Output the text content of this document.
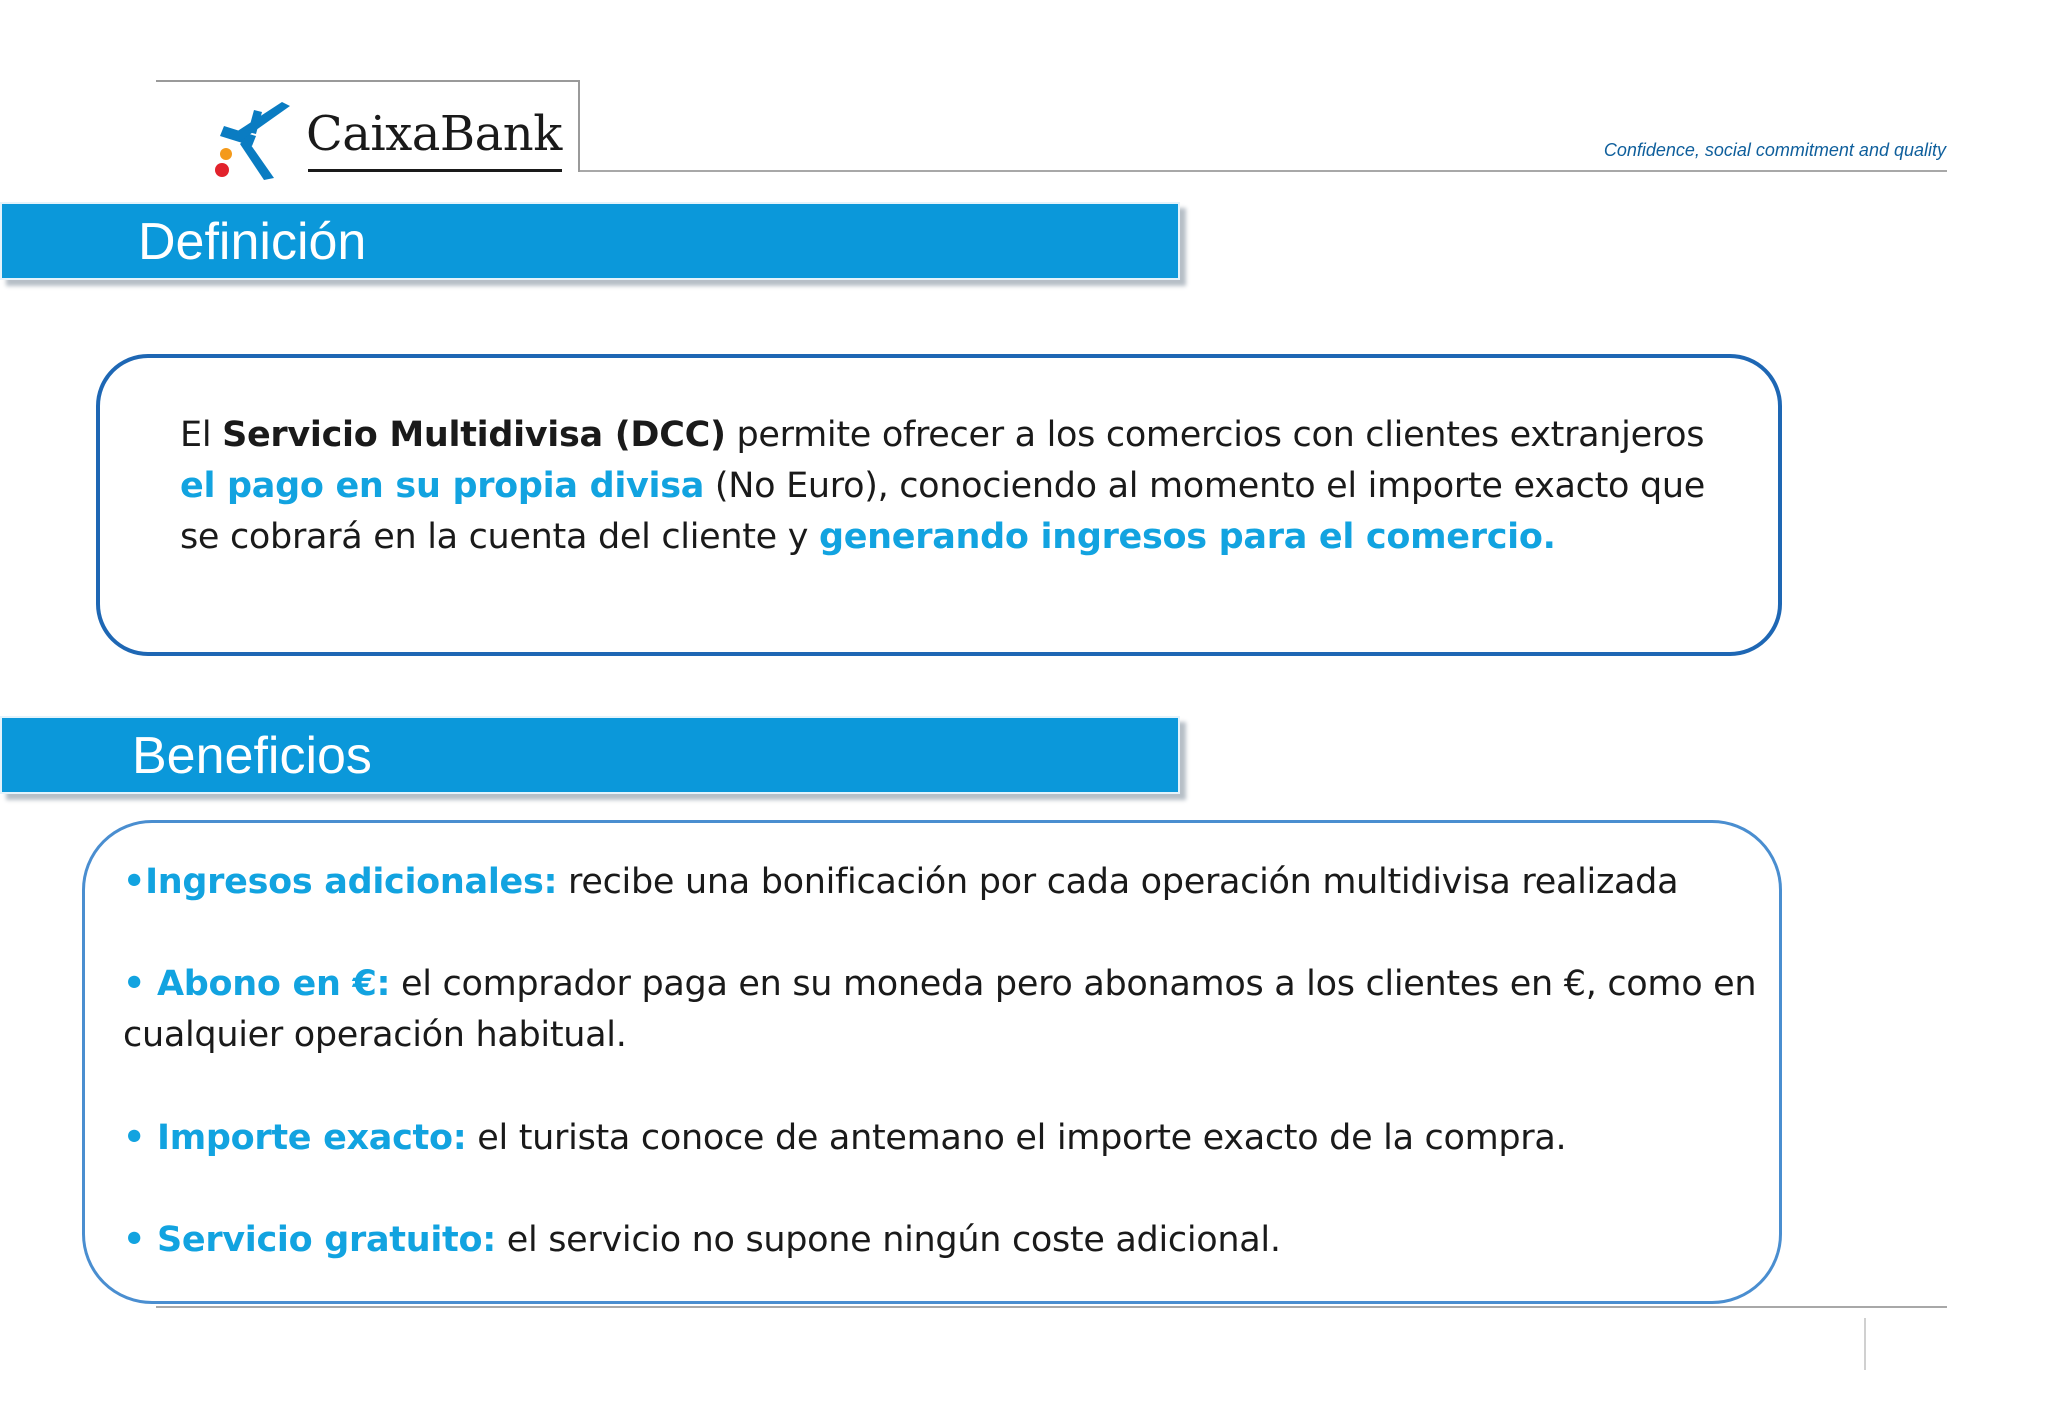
CaixaBank	Confidence, social commitment and quality
Definición
El Servicio Multidivisa (DCC) permite ofrecer a los comercios con clientes extranjeros el pago en su propia divisa (No Euro), conociendo al momento el importe exacto que se cobrará en la cuenta del cliente y generando ingresos para el comercio.
Beneficios
•Ingresos adicionales: recibe una bonificación por cada operación multidivisa realizada
• Abono en €: el comprador paga en su moneda pero abonamos a los clientes en €, como en cualquier operación habitual.
• Importe exacto: el turista conoce de antemano el importe exacto de la compra.
• Servicio gratuito: el servicio no supone ningún coste adicional.
